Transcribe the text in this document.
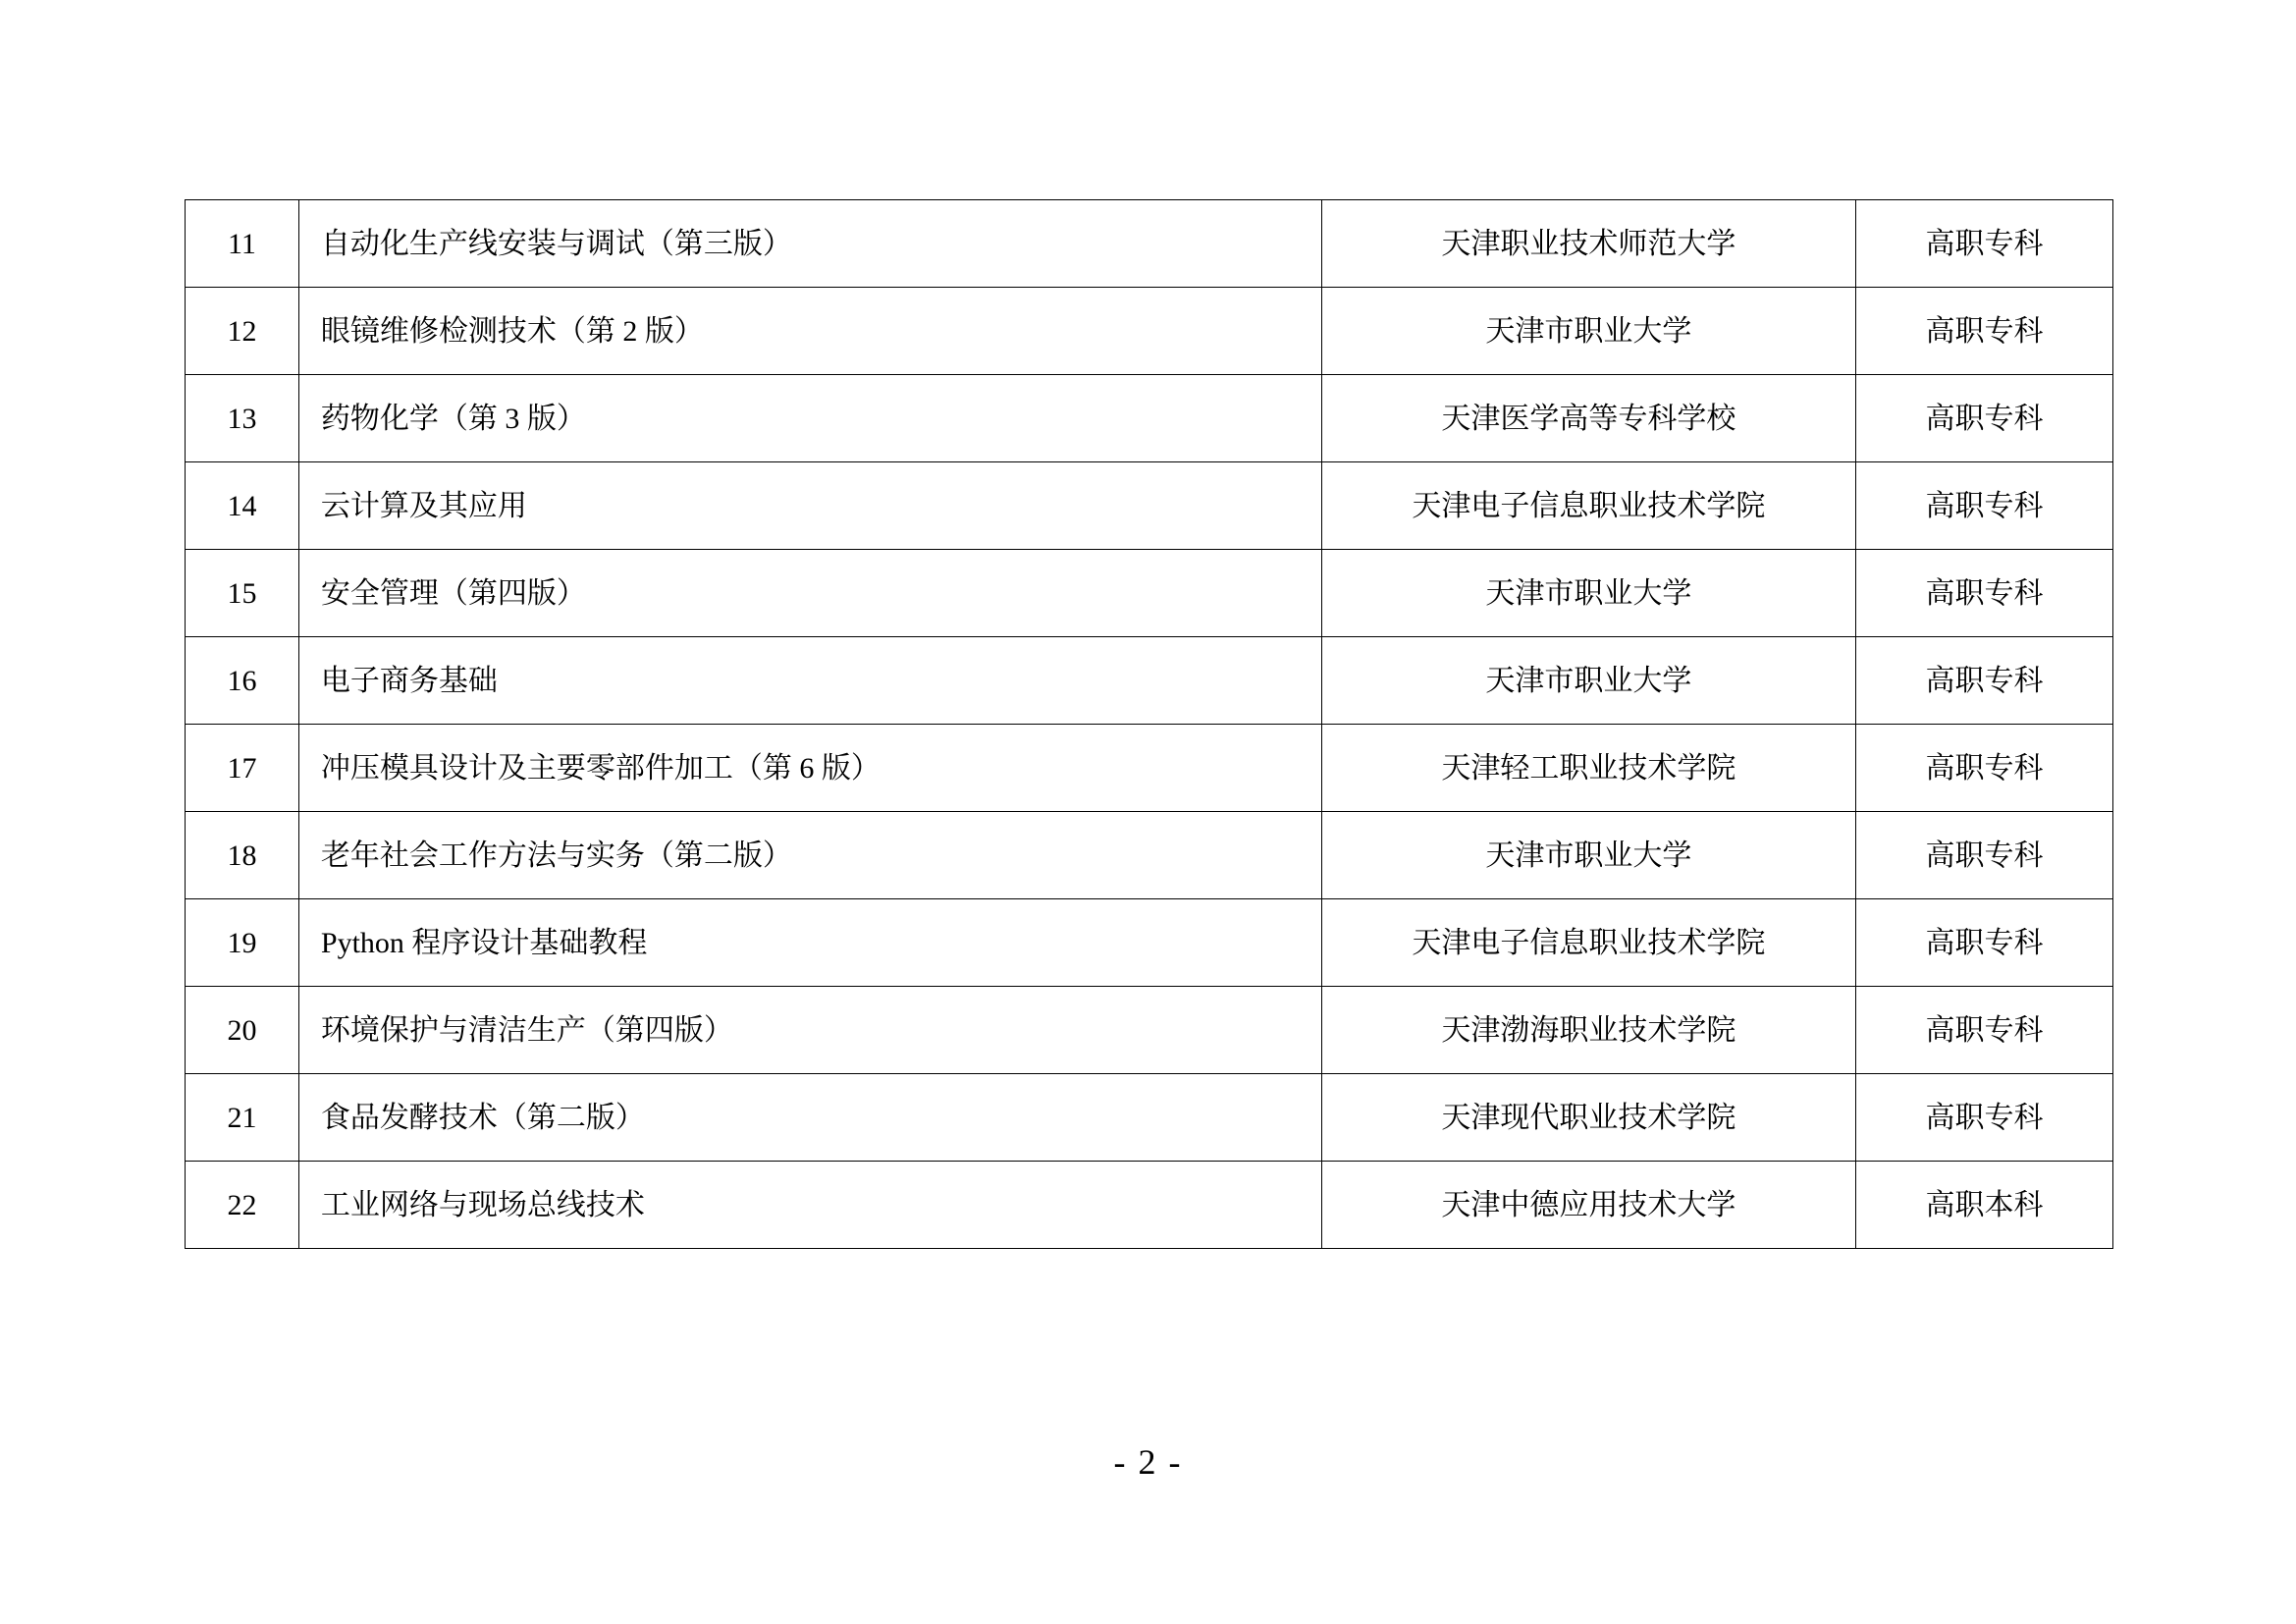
11	自动化生产线安装与调试（第三版）	天津职业技术师范大学	高职专科
12	眼镜维修检测技术（第 2 版）	天津市职业大学	高职专科
13	药物化学（第 3 版）	天津医学高等专科学校	高职专科
14	云计算及其应用	天津电子信息职业技术学院	高职专科
15	安全管理（第四版）	天津市职业大学	高职专科
16	电子商务基础	天津市职业大学	高职专科
17	冲压模具设计及主要零部件加工（第 6 版）	天津轻工职业技术学院	高职专科
18	老年社会工作方法与实务（第二版）	天津市职业大学	高职专科
19	Python 程序设计基础教程	天津电子信息职业技术学院	高职专科
20	环境保护与清洁生产（第四版）	天津渤海职业技术学院	高职专科
21	食品发酵技术（第二版）	天津现代职业技术学院	高职专科
22	工业网络与现场总线技术	天津中德应用技术大学	高职本科
- 2 -
